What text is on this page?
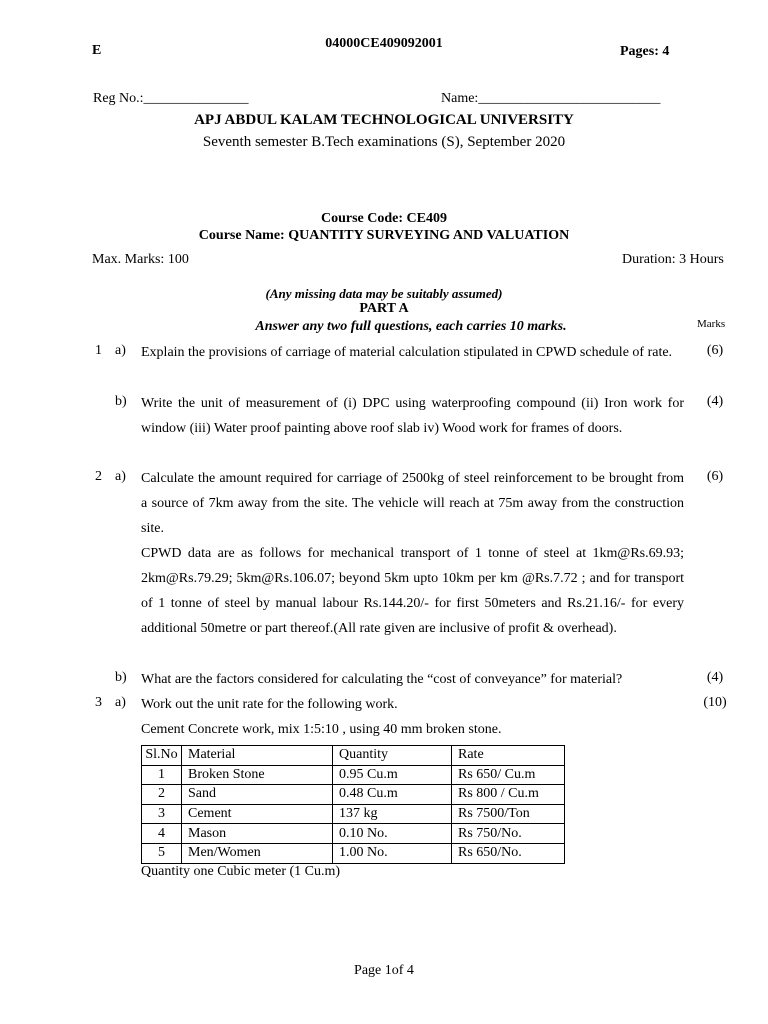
E	04000CE409092001
Pages: 4
Reg No.:_______________	Name:__________________________
APJ ABDUL KALAM TECHNOLOGICAL UNIVERSITY
Seventh semester B.Tech examinations (S), September 2020
Course Code: CE409
Course Name: QUANTITY SURVEYING AND VALUATION
Max. Marks: 100	Duration: 3 Hours
(Any missing data may be suitably assumed)
PART A
Answer any two full questions, each carries 10 marks.	Marks
1 a)	Explain the provisions of carriage of material calculation stipulated in CPWD schedule of rate.	(6)
b)	Write the unit of measurement of (i) DPC using waterproofing compound (ii) Iron work for window (iii) Water proof painting above roof slab iv) Wood work for frames of doors.
(4)
2 a)	Calculate the amount required for carriage of 2500kg of steel reinforcement to be brought from a source of 7km away from the site. The vehicle will reach at 75m away from the construction site.
(6)
CPWD data are as follows for mechanical transport of 1 tonne of steel at 1km@Rs.69.93; 2km@Rs.79.29; 5km@Rs.106.07; beyond 5km upto 10km per km @Rs.7.72 ; and for transport of 1 tonne of steel by manual labour Rs.144.20/- for first 50meters and Rs.21.16/- for every additional 50metre or part thereof.(All rate given are inclusive of profit & overhead).
b)	What are the factors considered for calculating the “cost of conveyance” for material?	(4)
3 a)	Work out the unit rate for the following work.	(10)
Cement Concrete work, mix 1:5:10 , using 40 mm broken stone.
Sl.No	Material	Quantity	Rate
1	Broken Stone	0.95 Cu.m	Rs 650/ Cu.m
2	Sand	0.48 Cu.m	Rs 800 / Cu.m
3	Cement	137 kg	Rs 7500/Ton
4	Mason	0.10 No.	Rs 750/No.
5	Men/Women	1.00 No.	Rs 650/No.
Quantity one Cubic meter (1 Cu.m)
Page 1of 4
